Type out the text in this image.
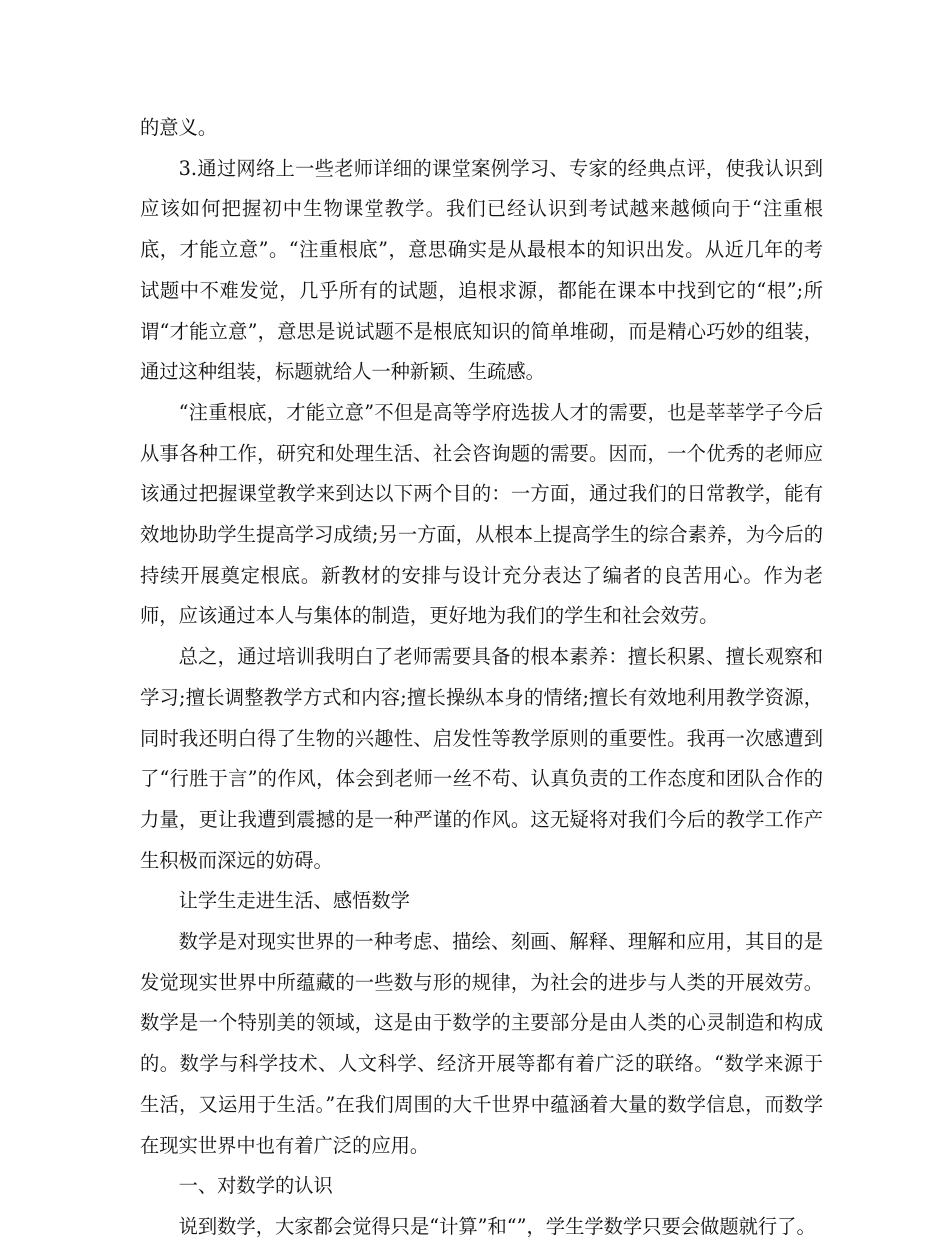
的意义。

3.通过网络上一些老师详细的课堂案例学习、专家的经典点评，使我认识到应该如何把握初中生物课堂教学。我们已经认识到考试越来越倾向于“注重根底，才能立意”。“注重根底”，意思确实是从最根本的知识出发。从近几年的考试题中不难发觉，几乎所有的试题，追根求源，都能在课本中找到它的“根”;所谓“才能立意”，意思是说试题不是根底知识的简单堆砌，而是精心巧妙的组装，通过这种组装，标题就给人一种新颖、生疏感。

“注重根底，才能立意”不但是高等学府选拔人才的需要，也是莘莘学子今后从事各种工作，研究和处理生活、社会咨询题的需要。因而，一个优秀的老师应该通过把握课堂教学来到达以下两个目的：一方面，通过我们的日常教学，能有效地协助学生提高学习成绩;另一方面，从根本上提高学生的综合素养，为今后的持续开展奠定根底。新教材的安排与设计充分表达了编者的良苦用心。作为老师，应该通过本人与集体的制造，更好地为我们的学生和社会效劳。

总之，通过培训我明白了老师需要具备的根本素养：擅长积累、擅长观察和学习;擅长调整教学方式和内容;擅长操纵本身的情绪;擅长有效地利用教学资源，同时我还明白得了生物的兴趣性、启发性等教学原则的重要性。我再一次感遭到了“行胜于言”的作风，体会到老师一丝不苟、认真负责的工作态度和团队合作的力量，更让我遭到震撼的是一种严谨的作风。这无疑将对我们今后的教学工作产生积极而深远的妨碍。

让学生走进生活、感悟数学

数学是对现实世界的一种考虑、描绘、刻画、解释、理解和应用，其目的是发觉现实世界中所蕴藏的一些数与形的规律，为社会的进步与人类的开展效劳。数学是一个特别美的领域，这是由于数学的主要部分是由人类的心灵制造和构成的。数学与科学技术、人文科学、经济开展等都有着广泛的联络。“数学来源于生活，又运用于生活。”在我们周围的大千世界中蕴涵着大量的数学信息，而数学在现实世界中也有着广泛的应用。

一、对数学的认识

说到数学，大家都会觉得只是“计算”和“”，学生学数学只要会做题就行了。
